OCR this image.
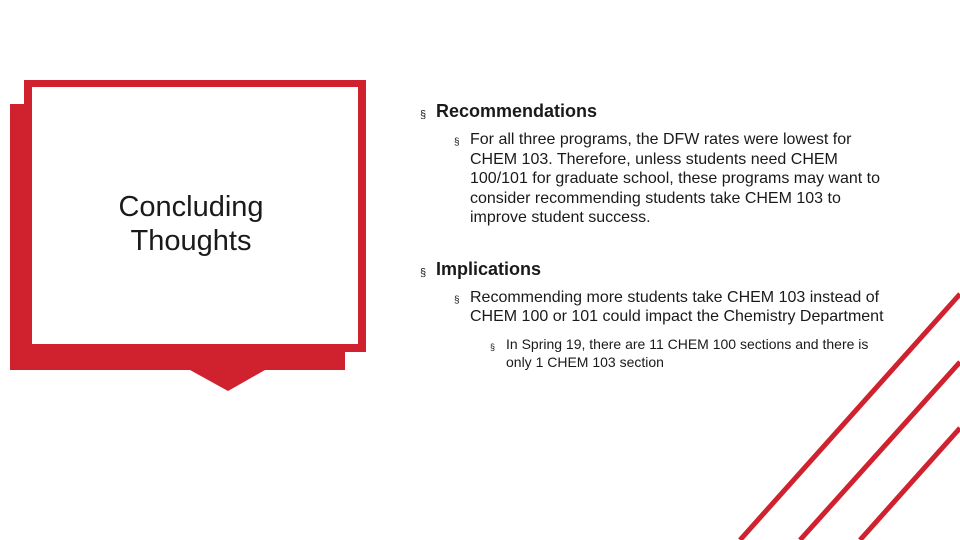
Concluding
Thoughts
§ Recommendations
§ For all three programs, the DFW rates were lowest for CHEM 103. Therefore, unless students need CHEM 100/101 for graduate school, these programs may want to consider recommending students take CHEM 103 to improve student success.
§ Implications
§ Recommending more students take CHEM 103 instead of CHEM 100 or 101 could impact the Chemistry Department
§ In Spring 19, there are 11 CHEM 100 sections and there is only 1 CHEM 103 section
